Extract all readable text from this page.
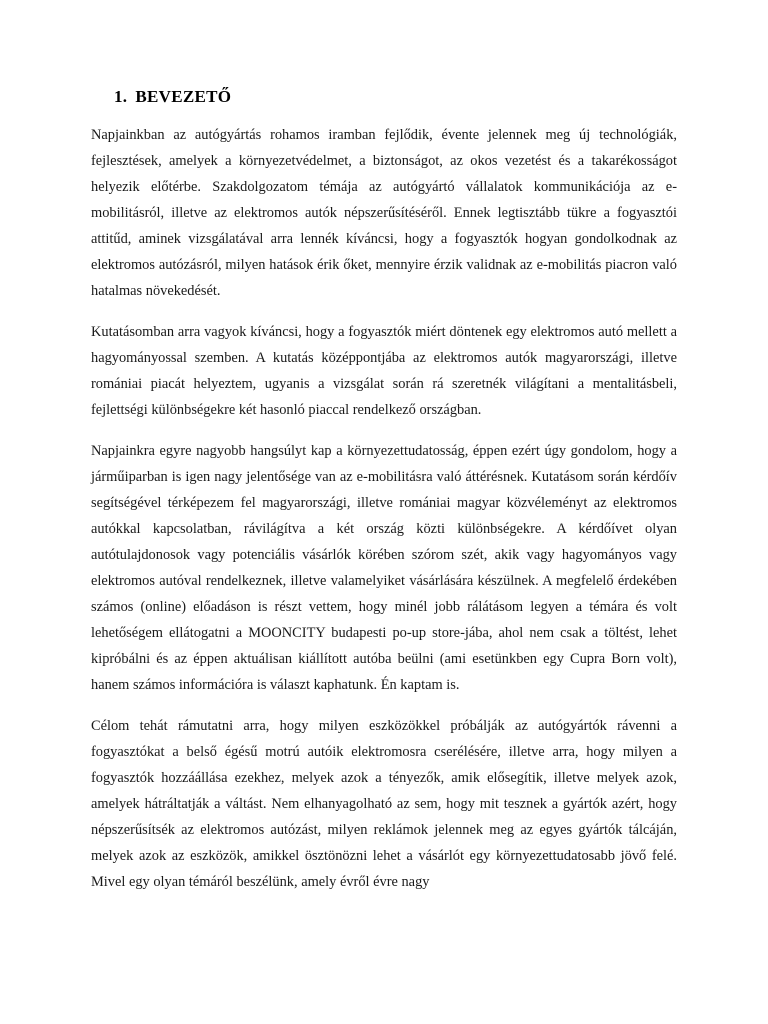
1. BEVEZETŐ

Napjainkban az autógyártás rohamos iramban fejlődik, évente jelennek meg új technológiák, fejlesztések, amelyek a környezetvédelmet, a biztonságot, az okos vezetést és a takarékosságot helyezik előtérbe. Szakdolgozatom témája az autógyártó vállalatok kommunikációja az e-mobilitásról, illetve az elektromos autók népszerűsítéséről. Ennek legtisztább tükre a fogyasztói attitűd, aminek vizsgálatával arra lennék kíváncsi, hogy a fogyasztók hogyan gondolkodnak az elektromos autózásról, milyen hatások érik őket, mennyire érzik validnak az e-mobilitás piacron való hatalmas növekedését.

Kutatásomban arra vagyok kíváncsi, hogy a fogyasztók miért döntenek egy elektromos autó mellett a hagyományossal szemben. A kutatás középpontjába az elektromos autók magyarországi, illetve romániai piacát helyeztem, ugyanis a vizsgálat során rá szeretnék világítani a mentalitásbeli, fejlettségi különbségekre két hasonló piaccal rendelkező országban.

Napjainkra egyre nagyobb hangsúlyt kap a környezettudatosság, éppen ezért úgy gondolom, hogy a járműiparban is igen nagy jelentősége van az e-mobilitásra való áttérésnek. Kutatásom során kérdőív segítségével térképezem fel magyarországi, illetve romániai magyar közvéleményt az elektromos autókkal kapcsolatban, rávilágítva a két ország közti különbségekre. A kérdőívet olyan autótulajdonosok vagy potenciális vásárlók körében szórom szét, akik vagy hagyományos vagy elektromos autóval rendelkeznek, illetve valamelyiket vásárlására készülnek. A megfelelő érdekében számos (online) előadáson is részt vettem, hogy minél jobb rálátásom legyen a témára és volt lehetőségem ellátogatni a MOONCITY budapesti po-up store-jába, ahol nem csak a töltést, lehet kipróbálni és az éppen aktuálisan kiállított autóba beülni (ami esetünkben egy Cupra Born volt), hanem számos információra is választ kaphatunk. Én kaptam is.

Célom tehát rámutatni arra, hogy milyen eszközökkel próbálják az autógyártók rávenni a fogyasztókat a belső égésű motrú autóik elektromosra cserélésére, illetve arra, hogy milyen a fogyasztók hozzáállása ezekhez, melyek azok a tényezők, amik elősegítik, illetve melyek azok, amelyek hátráltatják a váltást. Nem elhanyagolható az sem, hogy mit tesznek a gyártók azért, hogy népszerűsítsék az elektromos autózást, milyen reklámok jelennek meg az egyes gyártók tálcáján, melyek azok az eszközök, amikkel ösztönözni lehet a vásárlót egy környezettudatosabb jövő felé. Mivel egy olyan témáról beszélünk, amely évről évre nagy
